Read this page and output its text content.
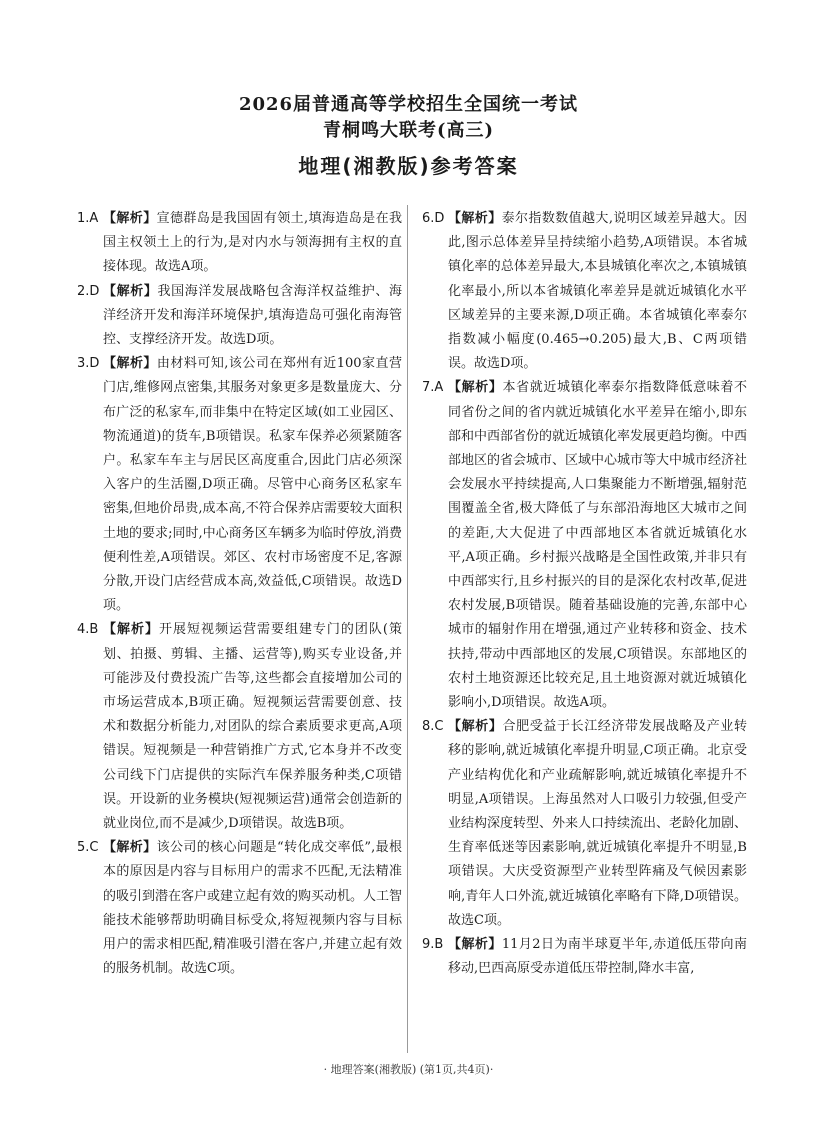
2026届普通高等学校招生全国统一考试
青桐鸣大联考(高三)
地理(湘教版)参考答案
1.A 【解析】宣德群岛是我国固有领土,填海造岛是在我国主权领土上的行为,是对内水与领海拥有主权的直接体现。故选A项。
2.D 【解析】我国海洋发展战略包含海洋权益维护、海洋经济开发和海洋环境保护,填海造岛可强化南海管控、支撑经济开发。故选D项。
3.D 【解析】由材料可知,该公司在郑州有近100家直营门店,维修网点密集,其服务对象更多是数量庞大、分布广泛的私家车,而非集中在特定区域(如工业园区、物流通道)的货车,B项错误。私家车保养必须紧随客户。私家车车主与居民区高度重合,因此门店必须深入客户的生活圈,D项正确。尽管中心商务区私家车密集,但地价昂贵,成本高,不符合保养店需要较大面积土地的要求;同时,中心商务区车辆多为临时停放,消费便利性差,A项错误。郊区、农村市场密度不足,客源分散,开设门店经营成本高,效益低,C项错误。故选D项。
4.B 【解析】开展短视频运营需要组建专门的团队(策划、拍摄、剪辑、主播、运营等),购买专业设备,并可能涉及付费投流广告等,这些都会直接增加公司的市场运营成本,B项正确。短视频运营需要创意、技术和数据分析能力,对团队的综合素质要求更高,A项错误。短视频是一种营销推广方式,它本身并不改变公司线下门店提供的实际汽车保养服务种类,C项错误。开设新的业务模块(短视频运营)通常会创造新的就业岗位,而不是减少,D项错误。故选B项。
5.C 【解析】该公司的核心问题是“转化成交率低”,最根本的原因是内容与目标用户的需求不匹配,无法精准的吸引到潜在客户或建立起有效的购买动机。人工智能技术能够帮助明确目标受众,将短视频内容与目标用户的需求相匹配,精准吸引潜在客户,并建立起有效的服务机制。故选C项。
6.D 【解析】泰尔指数数值越大,说明区域差异越大。因此,图示总体差异呈持续缩小趋势,A项错误。本省城镇化率的总体差异最大,本县城镇化率次之,本镇城镇化率最小,所以本省城镇化率差异是就近城镇化水平区域差异的主要来源,D项正确。本省城镇化率泰尔指数减小幅度(0.465→0.205)最大,B、C两项错误。故选D项。
7.A 【解析】本省就近城镇化率泰尔指数降低意味着不同省份之间的省内就近城镇化水平差异在缩小,即东部和中西部省份的就近城镇化率发展更趋均衡。中西部地区的省会城市、区域中心城市等大中城市经济社会发展水平持续提高,人口集聚能力不断增强,辐射范围覆盖全省,极大降低了与东部沿海地区大城市之间的差距,大大促进了中西部地区本省就近城镇化水平,A项正确。乡村振兴战略是全国性政策,并非只有中西部实行,且乡村振兴的目的是深化农村改革,促进农村发展,B项错误。随着基础设施的完善,东部中心城市的辐射作用在增强,通过产业转移和资金、技术扶持,带动中西部地区的发展,C项错误。东部地区的农村土地资源还比较充足,且土地资源对就近城镇化影响小,D项错误。故选A项。
8.C 【解析】合肥受益于长江经济带发展战略及产业转移的影响,就近城镇化率提升明显,C项正确。北京受产业结构优化和产业疏解影响,就近城镇化率提升不明显,A项错误。上海虽然对人口吸引力较强,但受产业结构深度转型、外来人口持续流出、老龄化加剧、生育率低迷等因素影响,就近城镇化率提升不明显,B项错误。大庆受资源型产业转型阵痛及气候因素影响,青年人口外流,就近城镇化率略有下降,D项错误。故选C项。
9.B 【解析】11月2日为南半球夏半年,赤道低压带向南移动,巴西高原受赤道低压带控制,降水丰富,
· 地理答案(湘教版) (第1页,共4页)·
